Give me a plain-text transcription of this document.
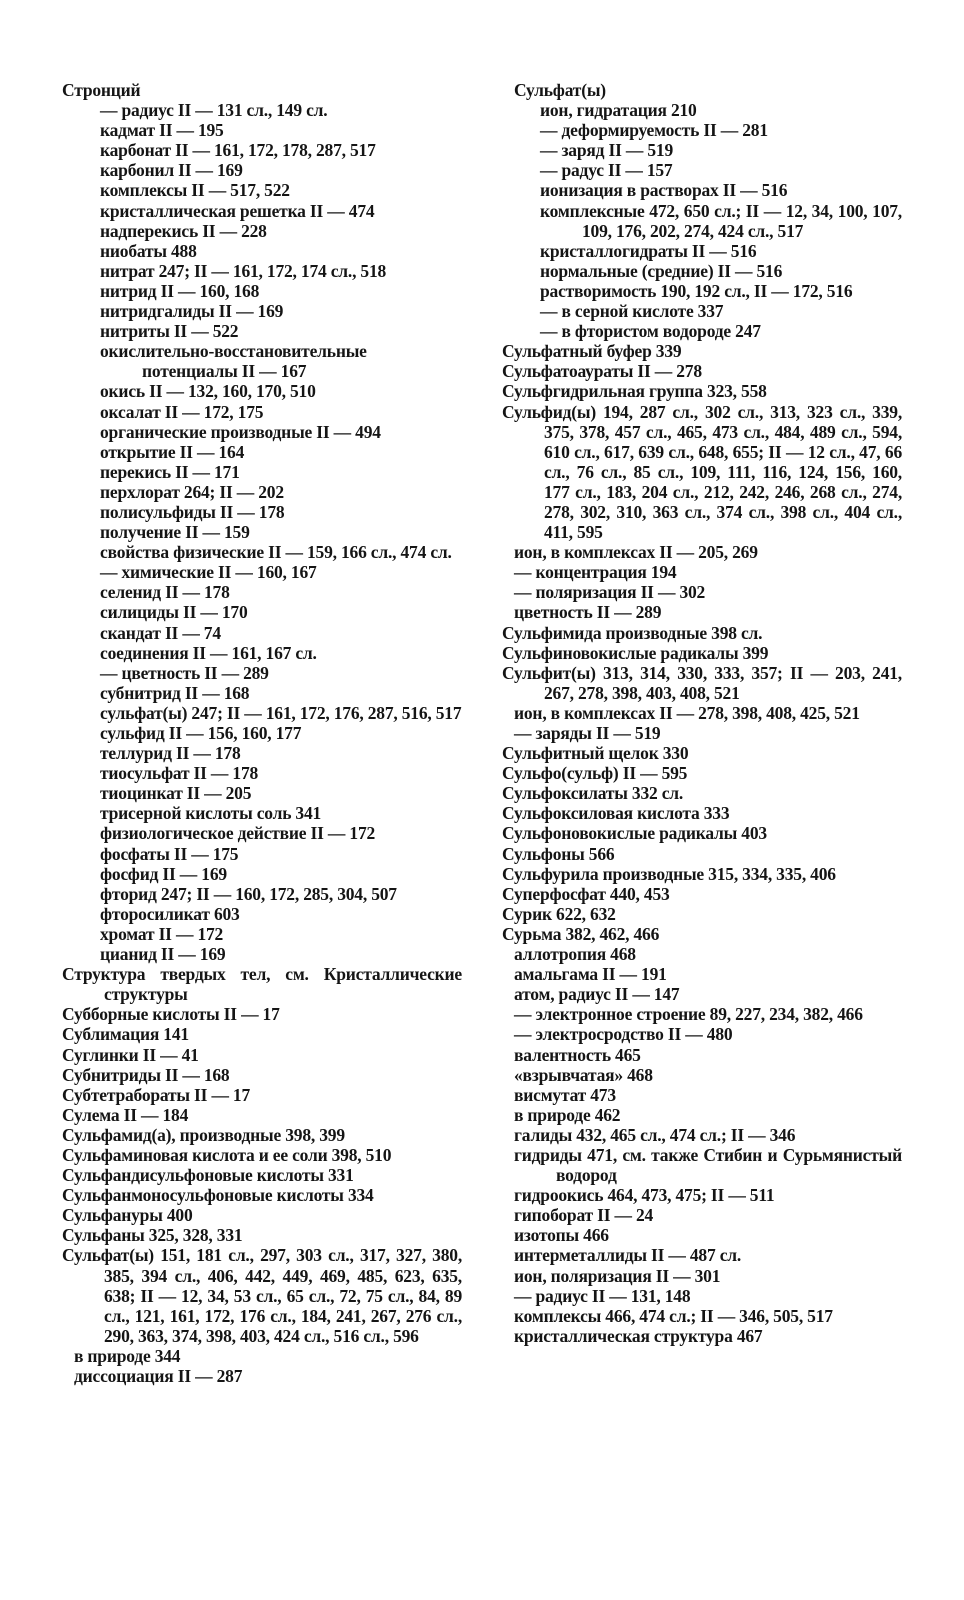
Стронций
— радиус II — 131 сл., 149 сл.
кадмат II — 195
карбонат II — 161, 172, 178, 287, 517
карбонил II — 169
комплексы II — 517, 522
кристаллическая решетка II — 474
надперекись II — 228
ниобаты 488
нитрат 247; II — 161, 172, 174 сл., 518
нитрид II — 160, 168
нитридгалиды II — 169
нитриты II — 522
окислительно-восстановительные потенциалы II — 167
окись II — 132, 160, 170, 510
оксалат II — 172, 175
органические производные II — 494
открытие II — 164
перекись II — 171
перхлорат 264; II — 202
полисульфиды II — 178
получение II — 159
свойства физические II — 159, 166 сл., 474 сл.
— химические II — 160, 167
селенид II — 178
силициды II — 170
скандат II — 74
соединения II — 161, 167 сл.
— цветность II — 289
субнитрид II — 168
сульфат(ы) 247; II — 161, 172, 176, 287, 516, 517
сульфид II — 156, 160, 177
теллурид II — 178
тиосульфат II — 178
тиоцинкат II — 205
трисерной кислоты соль 341
физиологическое действие II — 172
фосфаты II — 175
фосфид II — 169
фторид 247; II — 160, 172, 285, 304, 507
фторосиликат 603
хромат II — 172
цианид II — 169
Структура твердых тел, см. Кристаллические структуры
Субборные кислоты II — 17
Сублимация 141
Суглинки II — 41
Субнитриды II — 168
Субтетрабораты II — 17
Сулема II — 184
Сульфамид(а), производные 398, 399
Сульфаминовая кислота и ее соли 398, 510
Сульфандисульфоновые кислоты 331
Сульфанмоносульфоновые кислоты 334
Сульфануры 400
Сульфаны 325, 328, 331
Сульфат(ы) 151, 181 сл., 297, 303 сл., 317, 327, 380, 385, 394 сл., 406, 442, 449, 469, 485, 623, 635, 638; II — 12, 34, 53 сл., 65 сл., 72, 75 сл., 84, 89 сл., 121, 161, 172, 176 сл., 184, 241, 267, 276 сл., 290, 363, 374, 398, 403, 424 сл., 516 сл., 596
в природе 344
диссоциация II — 287
Сульфат(ы)
ион, гидратация 210
— деформируемость II — 281
— заряд II — 519
— радус II — 157
ионизация в растворах II — 516
комплексные 472, 650 сл.; II — 12, 34, 100, 107, 109, 176, 202, 274, 424 сл., 517
кристаллогидраты II — 516
нормальные (средние) II — 516
растворимость 190, 192 сл., II — 172, 516
— в серной кислоте 337
— в фтористом водороде 247
Сульфатный буфер 339
Сульфатоаураты II — 278
Сульфгидрильная группа 323, 558
Сульфид(ы) 194, 287 сл., 302 сл., 313, 323 сл., 339, 375, 378, 457 сл., 465, 473 сл., 484, 489 сл., 594, 610 сл., 617, 639 сл., 648, 655; II — 12 сл., 47, 66 сл., 76 сл., 85 сл., 109, 111, 116, 124, 156, 160, 177 сл., 183, 204 сл., 212, 242, 246, 268 сл., 274, 278, 302, 310, 363 сл., 374 сл., 398 сл., 404 сл., 411, 595
ион, в комплексах II — 205, 269
— концентрация 194
— поляризация II — 302
цветность II — 289
Сульфимида производные 398 сл.
Сульфиновокислые радикалы 399
Сульфит(ы) 313, 314, 330, 333, 357; II — 203, 241, 267, 278, 398, 403, 408, 521
ион, в комплексах II — 278, 398, 408, 425, 521
— заряды II — 519
Сульфитный щелок 330
Сульфо(сульф) II — 595
Сульфоксилаты 332 сл.
Сульфоксиловая кислота 333
Сульфоновокислые радикалы 403
Сульфоны 566
Сульфурила производные 315, 334, 335, 406
Суперфосфат 440, 453
Сурик 622, 632
Сурьма 382, 462, 466
аллотропия 468
амальгама II — 191
атом, радиус II — 147
— электронное строение 89, 227, 234, 382, 466
— электросродство II — 480
валентность 465
«взрывчатая» 468
висмутат 473
в природе 462
галиды 432, 465 сл., 474 сл.; II — 346
гидриды 471, см. также Стибин и Сурьмянистый водород
гидроокись 464, 473, 475; II — 511
гипоборат II — 24
изотопы 466
интерметаллиды II — 487 сл.
ион, поляризация II — 301
— радиус II — 131, 148
комплексы 466, 474 сл.; II — 346, 505, 517
кристаллическая структура 467
